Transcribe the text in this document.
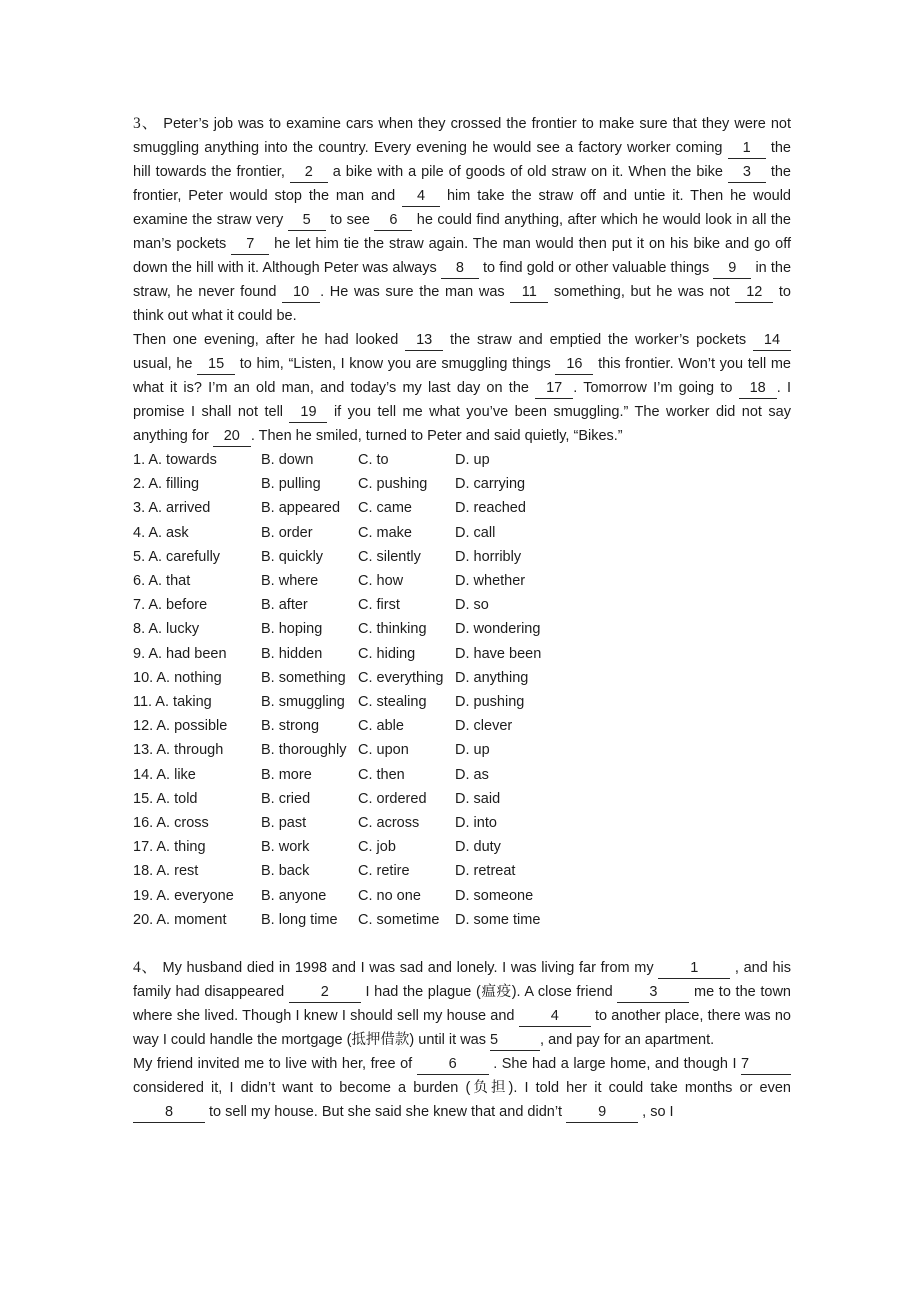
3、 Peter’s job was to examine cars when they crossed the frontier to make sure that they were not smuggling anything into the country. Every evening he would see a factory worker coming 1 the hill towards the frontier, 2 a bike with a pile of goods of old straw on it. When the bike 3 the frontier, Peter would stop the man and 4 him take the straw off and untie it. Then he would examine the straw very 5 to see 6 he could find anything, after which he would look in all the man’s pockets 7 he let him tie the straw again. The man would then put it on his bike and go off down the hill with it. Although Peter was always 8 to find gold or other valuable things 9 in the straw, he never found 10 . He was sure the man was 11 something, but he was not 12 to think out what it could be.

Then one evening, after he had looked 13 the straw and emptied the worker’s pockets 14 usual, he 15 to him, “Listen, I know you are smuggling things 16 this frontier. Won’t you tell me what it is? I’m an old man, and today’s my last day on the 17 . Tomorrow I’m going to 18 . I promise I shall not tell 19 if you tell me what you’ve been smuggling.” The worker did not say anything for 20 . Then he smiled, turned to Peter and said quietly, “Bikes.”

1. A. towards	B. down	C. to	D. up
2. A. filling	B. pulling	C. pushing D. carrying
3. A. arrived	B. appeared C. came	D. reached
4. A. ask	B. order	C. make	D. call
5. A. carefully	B. quickly C. silently D. horribly
6. A. that	B. where	C. how	D. whether
7. A. before	B. after	C. first	D. so
8. A. lucky	B. hoping C. thinking D. wondering
9. A. had been B. hidden C. hiding	D. have been
10. A. nothing	B. something C. everything D. anything
11. A. taking	B. smuggling C. stealing D. pushing
12. A. possible B. strong	C. able	D. clever
13. A. through	B. thoroughly C. upon	D. up
14. A. like	B. more	C. then	D. as
15. A. told	B. cried	C. ordered D. said
16. A. cross	B. past	C. across D. into
17. A. thing	B. work	C. job	D. duty
18. A. rest	B. back	C. retire	D. retreat
19. A. everyone B. anyone C. no one D. someone
20. A. moment B. long time C. sometime D. some time

4、 My husband died in 1998 and I was sad and lonely. I was living far from my 1 , and his family had disappeared 2 I had the plague (瘟疫). A close friend 3 me to the town where she lived. Though I knew I should sell my house and 4 to another place, there was no way I could handle the mortgage (抵押借款) until it was 5	, and pay for an apartment.

My friend invited me to live with her, free of 6 . She had a large home, and though I 7 considered it, I didn’t want to become a burden (负担). I told her it could take months or even 8 to sell my house. But she said she knew that and didn’t 9 , so I
